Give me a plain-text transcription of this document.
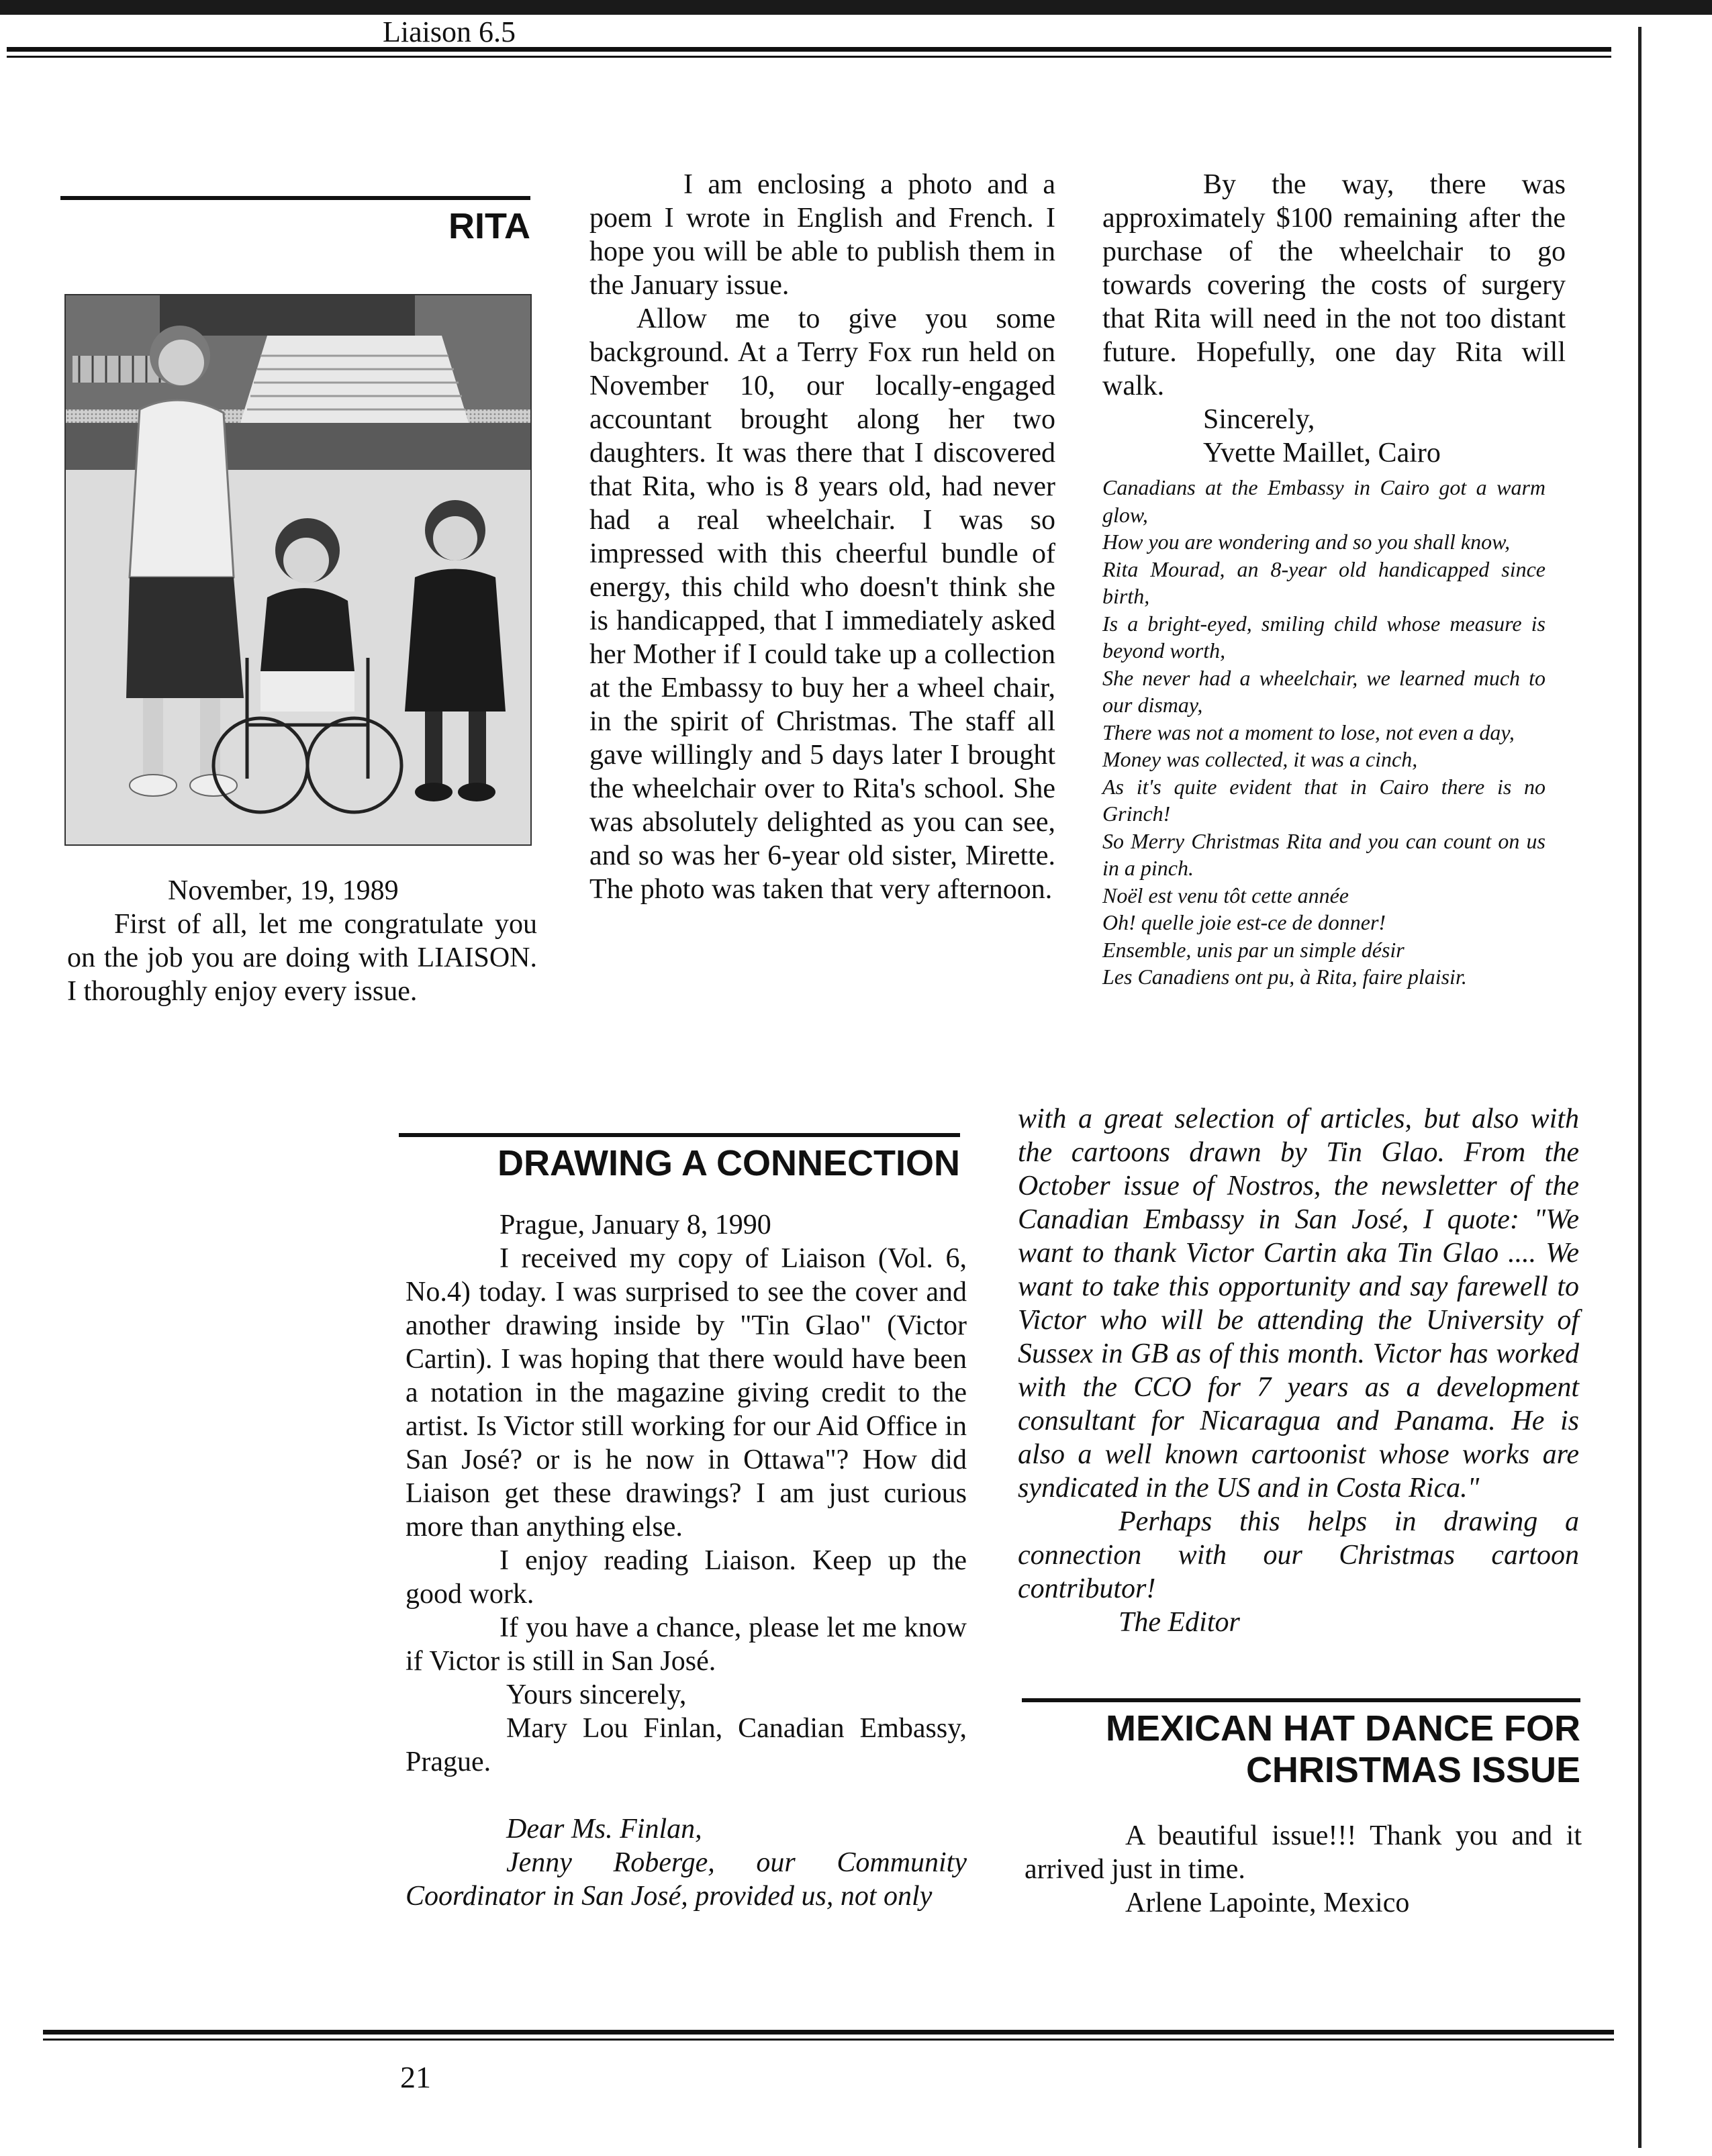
Liaison 6.5
RITA

November, 19, 1989

First of all, let me congratulate you on the job you are doing with LIAISON. I thoroughly enjoy every issue.

I am enclosing a photo and a poem I wrote in English and French. I hope you will be able to publish them in the January issue.

Allow me to give you some background. At a Terry Fox run held on November 10, our locally-engaged accountant brought along her two daughters. It was there that I discovered that Rita, who is 8 years old, had never had a real wheelchair. I was so impressed with this cheerful bundle of energy, this child who doesn't think she is handicapped, that I immediately asked her Mother if I could take up a collection at the Embassy to buy her a wheel chair, in the spirit of Christmas. The staff all gave willingly and 5 days later I brought the wheelchair over to Rita's school. She was absolutely delighted as you can see, and so was her 6-year old sister, Mirette. The photo was taken that very afternoon.

By the way, there was approximately $100 remaining after the purchase of the wheelchair to go towards covering the costs of surgery that Rita will need in the not too distant future. Hopefully, one day Rita will walk.

Sincerely,

Yvette Maillet, Cairo

Canadians at the Embassy in Cairo got a warm glow,
How you are wondering and so you shall know,
Rita Mourad, an 8-year old handicapped since birth,
Is a bright-eyed, smiling child whose measure is beyond worth,
She never had a wheelchair, we learned much to our dismay,
There was not a moment to lose, not even a day,
Money was collected, it was a cinch,
As it's quite evident that in Cairo there is no Grinch!
So Merry Christmas Rita and you can count on us in a pinch.
Noël est venu tôt cette année
Oh! quelle joie est-ce de donner!
Ensemble, unis par un simple désir
Les Canadiens ont pu, à Rita, faire plaisir.
DRAWING A CONNECTION

Prague, January 8, 1990

I received my copy of Liaison (Vol. 6, No.4) today. I was surprised to see the cover and another drawing inside by "Tin Glao" (Victor Cartin). I was hoping that there would have been a notation in the magazine giving credit to the artist. Is Victor still working for our Aid Office in San José? or is he now in Ottawa"? How did Liaison get these drawings? I am just curious more than anything else.

I enjoy reading Liaison. Keep up the good work.

If you have a chance, please let me know if Victor is still in San José.

Yours sincerely,

Mary Lou Finlan, Canadian Embassy, Prague.

Dear Ms. Finlan,

Jenny Roberge, our Community Coordinator in San José, provided us, not only

with a great selection of articles, but also with the cartoons drawn by Tin Glao. From the October issue of Nostros, the newsletter of the Canadian Embassy in San José, I quote: "We want to thank Victor Cartin aka Tin Glao .... We want to take this opportunity and say farewell to Victor who will be attending the University of Sussex in GB as of this month. Victor has worked with the CCO for 7 years as a development consultant for Nicaragua and Panama. He is also a well known cartoonist whose works are syndicated in the US and in Costa Rica."

Perhaps this helps in drawing a connection with our Christmas cartoon contributor!

The Editor

MEXICAN HAT DANCE FOR
CHRISTMAS ISSUE

A beautiful issue!!! Thank you and it arrived just in time.

Arlene Lapointe, Mexico

21
